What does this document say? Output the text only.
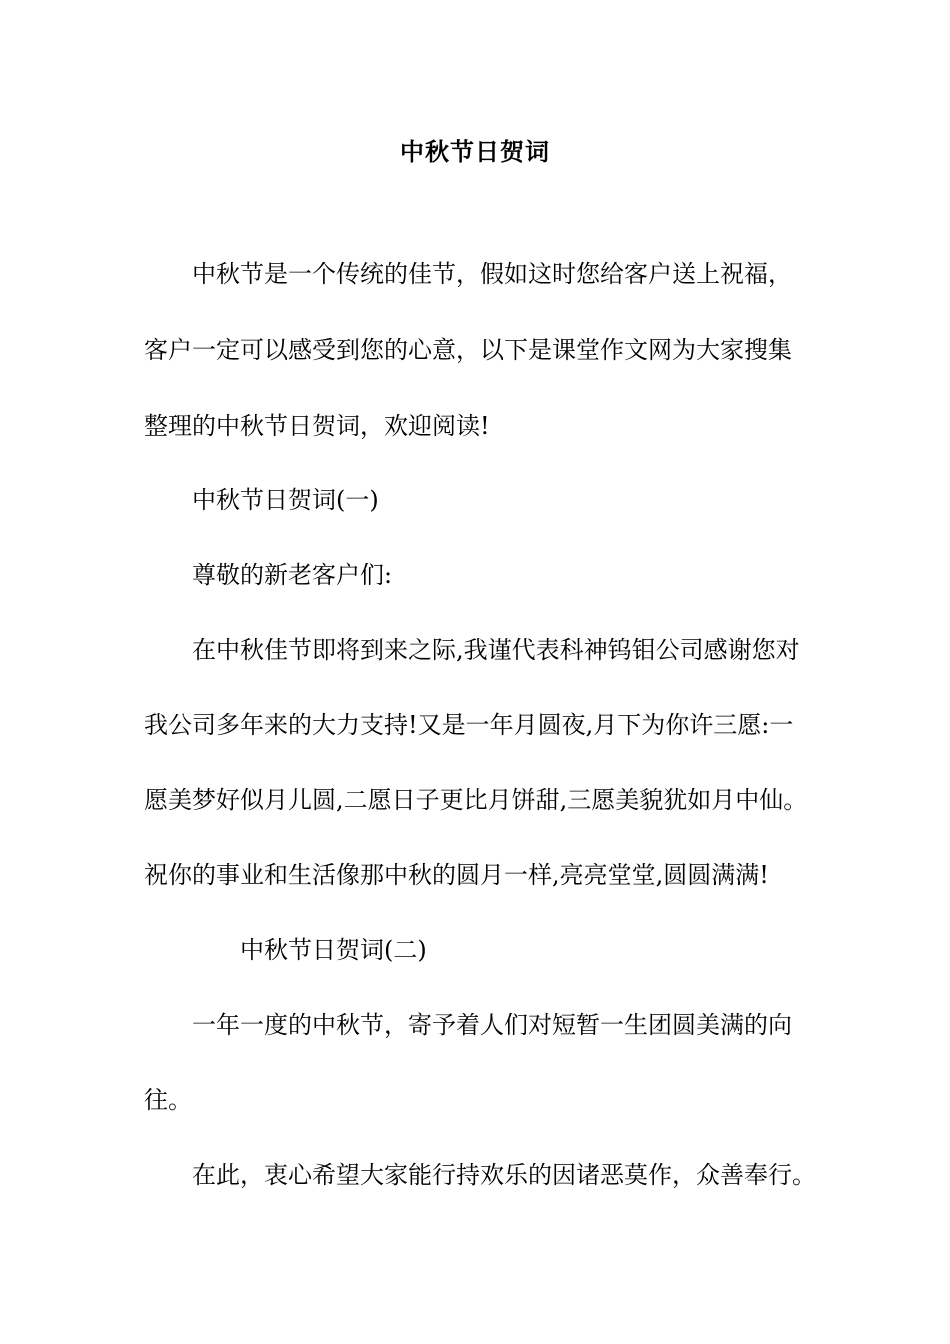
中秋节日贺词

中秋节是一个传统的佳节，假如这时您给客户送上祝福，

客户一定可以感受到您的心意，以下是课堂作文网为大家搜集

整理的中秋节日贺词，欢迎阅读!

中秋节日贺词(一)

尊敬的新老客户们:

在中秋佳节即将到来之际,我谨代表科神钨钼公司感谢您对

我公司多年来的大力支持!又是一年月圆夜,月下为你许三愿:一

愿美梦好似月儿圆,二愿日子更比月饼甜,三愿美貌犹如月中仙。

祝你的事业和生活像那中秋的圆月一样,亮亮堂堂,圆圆满满!

中秋节日贺词(二)

一年一度的中秋节，寄予着人们对短暂一生团圆美满的向

往。

在此，衷心希望大家能行持欢乐的因诸恶莫作，众善奉行。
